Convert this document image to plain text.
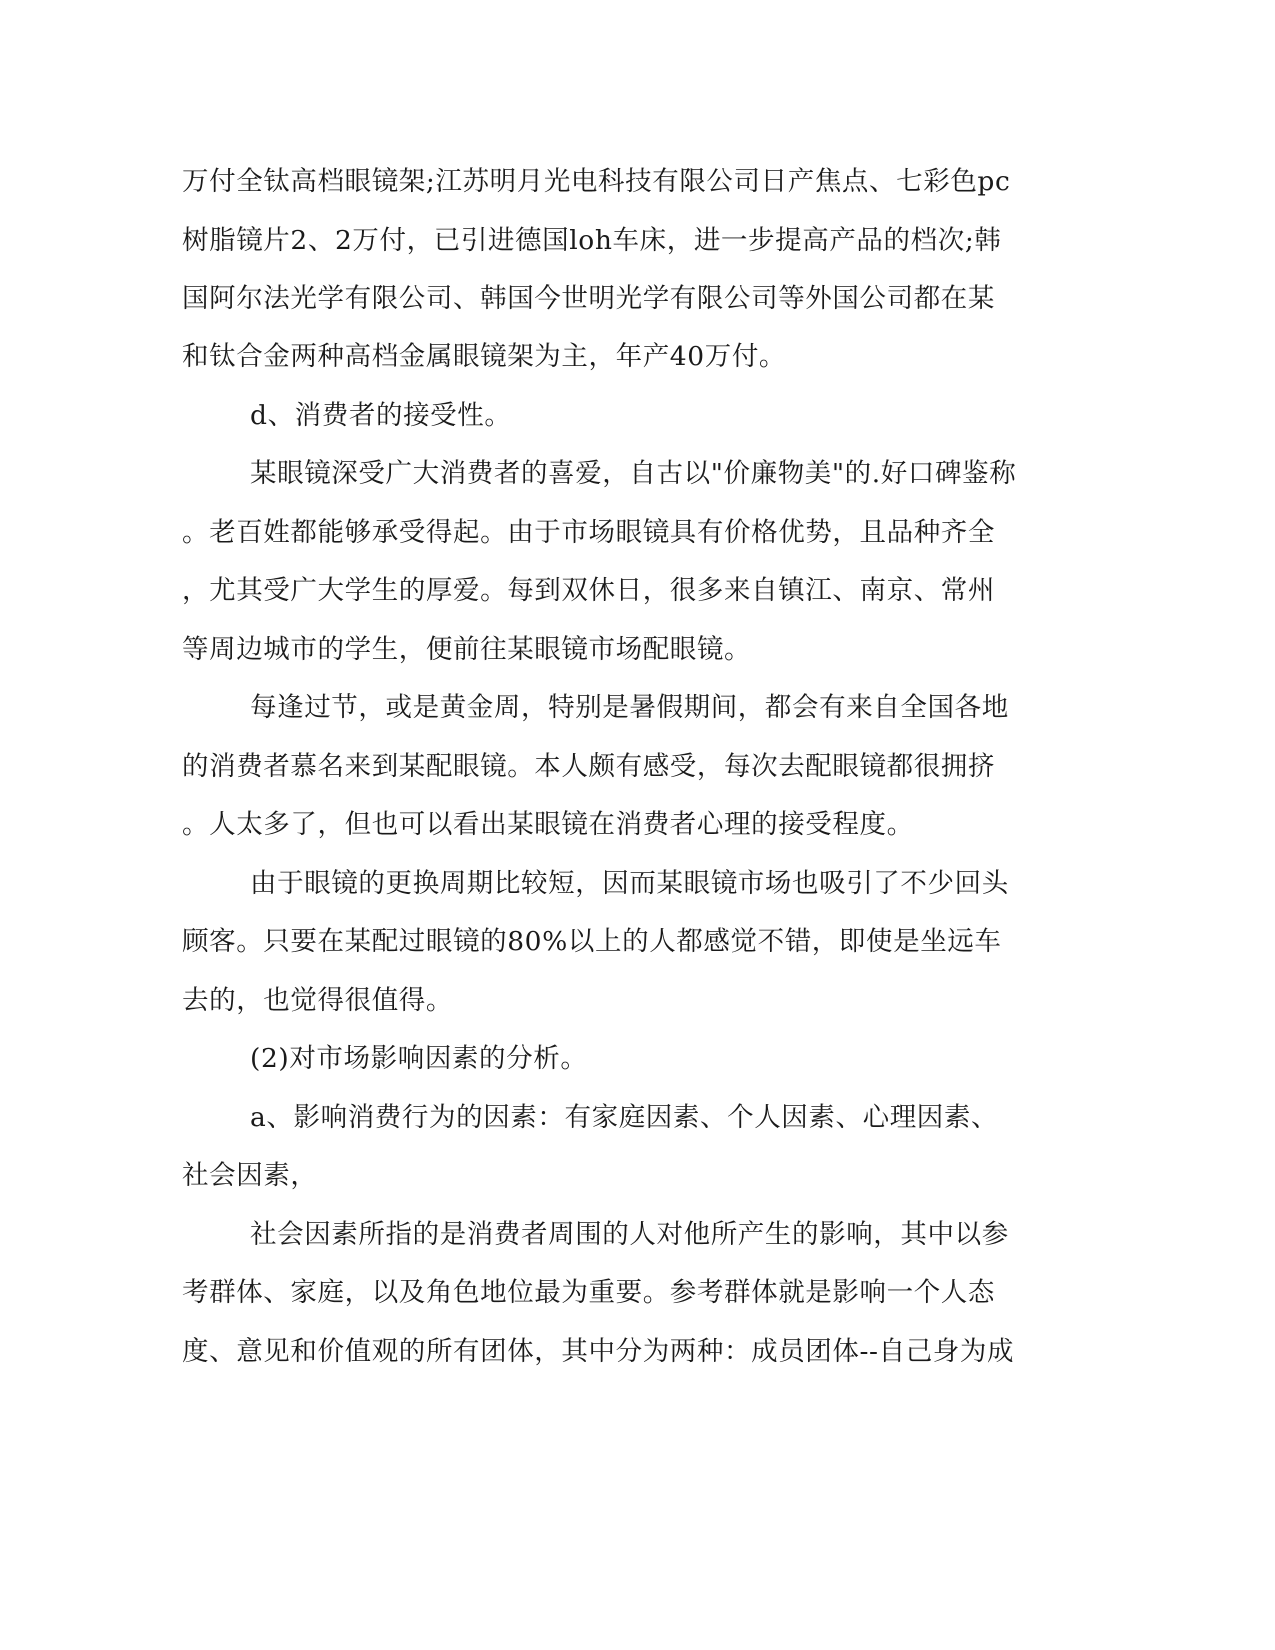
万付全钛高档眼镜架;江苏明月光电科技有限公司日产焦点、七彩色pc
树脂镜片2、2万付，已引进德国loh车床，进一步提高产品的档次;韩
国阿尔法光学有限公司、韩国今世明光学有限公司等外国公司都在某
和钛合金两种高档金属眼镜架为主，年产40万付。
d、消费者的接受性。
某眼镜深受广大消费者的喜爱，自古以"价廉物美"的.好口碑鉴称
。老百姓都能够承受得起。由于市场眼镜具有价格优势，且品种齐全
，尤其受广大学生的厚爱。每到双休日，很多来自镇江、南京、常州
等周边城市的学生，便前往某眼镜市场配眼镜。
每逢过节，或是黄金周，特别是暑假期间，都会有来自全国各地
的消费者慕名来到某配眼镜。本人颇有感受，每次去配眼镜都很拥挤
。人太多了，但也可以看出某眼镜在消费者心理的接受程度。
由于眼镜的更换周期比较短，因而某眼镜市场也吸引了不少回头
顾客。只要在某配过眼镜的80%以上的人都感觉不错，即使是坐远车
去的，也觉得很值得。
(2)对市场影响因素的分析。
a、影响消费行为的因素：有家庭因素、个人因素、心理因素、
社会因素，
社会因素所指的是消费者周围的人对他所产生的影响，其中以参
考群体、家庭，以及角色地位最为重要。参考群体就是影响一个人态
度、意见和价值观的所有团体，其中分为两种：成员团体--自己身为成
